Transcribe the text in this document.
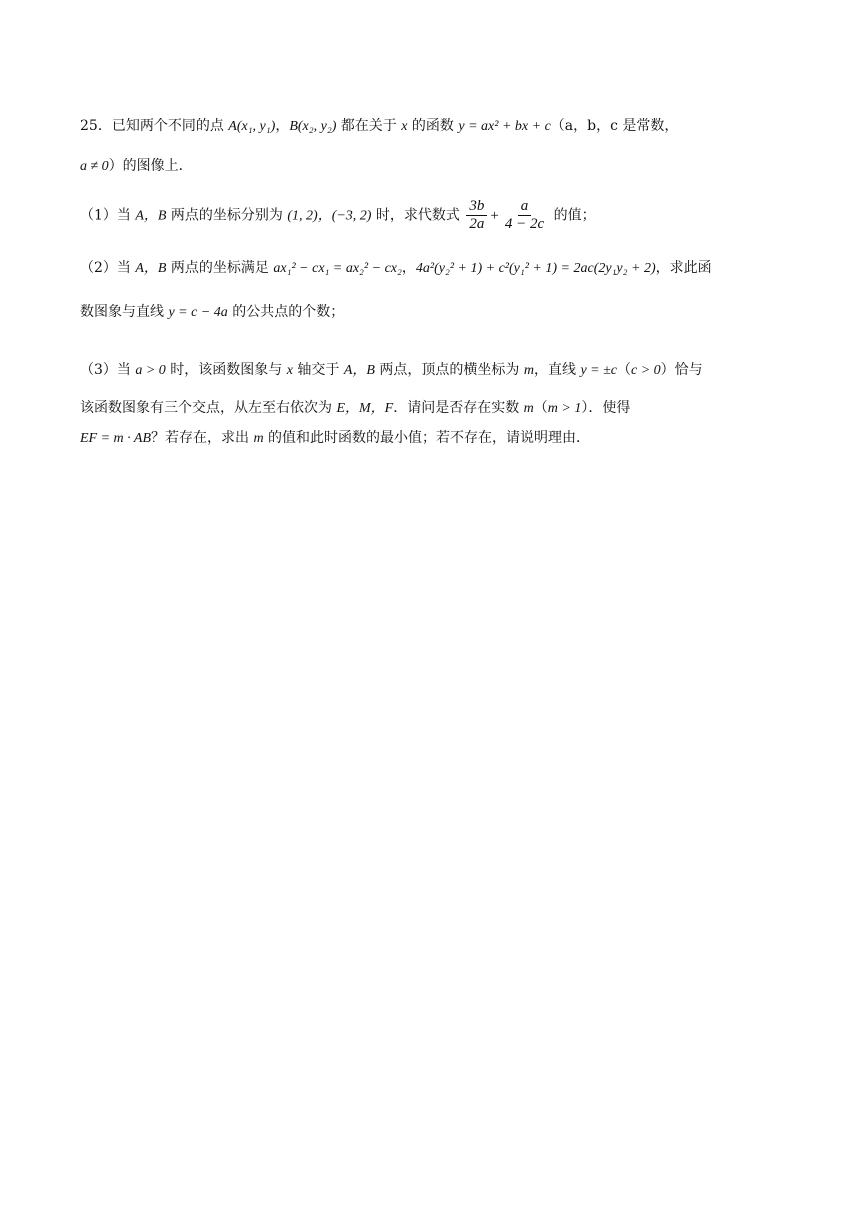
25．已知两个不同的点 A(x₁, y₁)，B(x₂, y₂) 都在关于 x 的函数 y = ax² + bx + c（a，b，c 是常数，
a ≠ 0）的图像上．
（1）当 A，B 两点的坐标分别为 (1, 2)，(−3, 2) 时，求代数式 $\frac{3b}{2a} + \frac{a}{4 - 2c}$ 的值；
（2）当 A，B 两点的坐标满足 ax₁² − cx₁ = ax₂² − cx₂，4a²(y₂² + 1) + c²(y₁² + 1) = 2ac(2y₁y₂ + 2)，求此函
数图象与直线 y = c − 4a 的公共点的个数；
（3）当 a > 0 时，该函数图象与 x 轴交于 A，B 两点，顶点的横坐标为 m，直线 y = ±c（c > 0）恰与
该函数图象有三个交点，从左至右依次为 E，M，F．请问是否存在实数 m（m > 1）．使得
EF = m · AB？若存在，求出 m 的值和此时函数的最小值；若不存在，请说明理由．
